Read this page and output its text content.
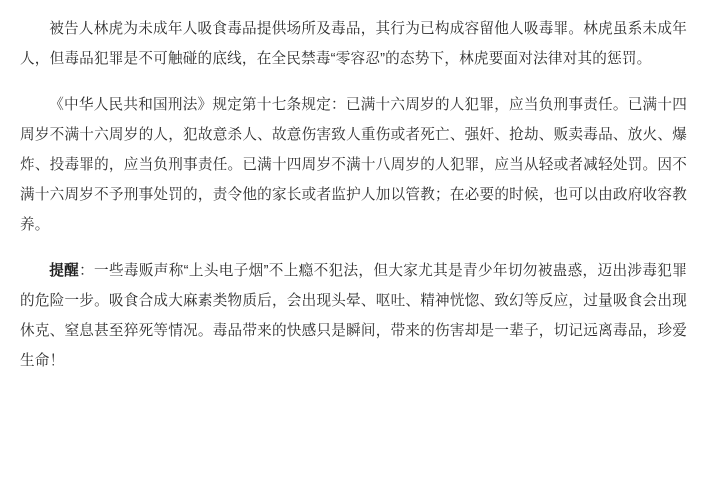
被告人林虎为未成年人吸食毒品提供场所及毒品，其行为已构成容留他人吸毒罪。林虎虽系未成年人，但毒品犯罪是不可触碰的底线，在全民禁毒“零容忍”的态势下，林虎要面对法律对其的惩罚。

《中华人民共和国刑法》规定第十七条规定：已满十六周岁的人犯罪，应当负刑事责任。已满十四周岁不满十六周岁的人，犯故意杀人、故意伤害致人重伤或者死亡、强奸、抢劫、贩卖毒品、放火、爆炸、投毒罪的，应当负刑事责任。已满十四周岁不满十八周岁的人犯罪，应当从轻或者减轻处罚。因不满十六周岁不予刑事处罚的，责令他的家长或者监护人加以管教；在必要的时候，也可以由政府收容教养。

提醒：一些毒贩声称“上头电子烟”不上瘾不犯法，但大家尤其是青少年切勿被蛊惑，迈出涉毒犯罪的危险一步。吸食合成大麻素类物质后，会出现头晕、呕吐、精神恍惚、致幻等反应，过量吸食会出现休克、窒息甚至猝死等情况。毒品带来的快感只是瞬间，带来的伤害却是一辈子，切记远离毒品，珍爱生命！
